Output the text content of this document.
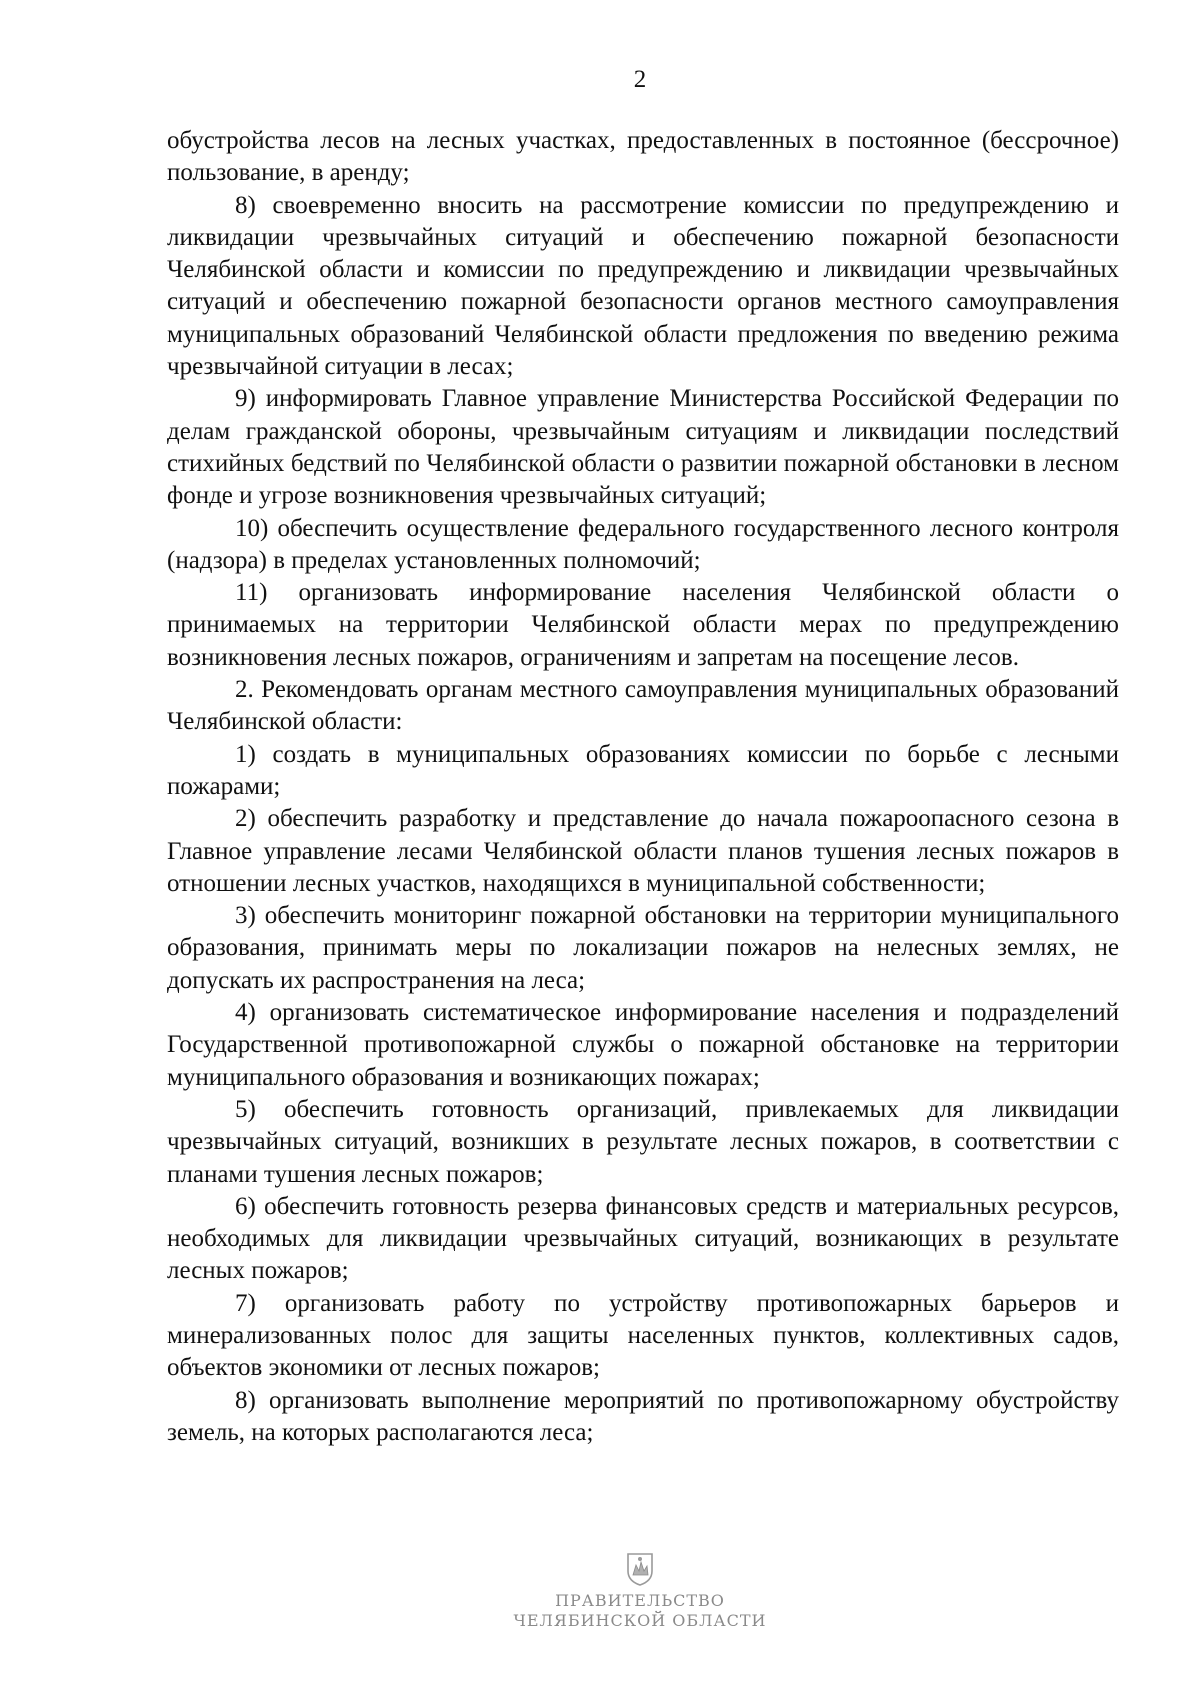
2

обустройства лесов на лесных участках, предоставленных в постоянное (бессрочное) пользование, в аренду;

8) своевременно вносить на рассмотрение комиссии по предупреждению и ликвидации чрезвычайных ситуаций и обеспечению пожарной безопасности Челябинской области и комиссии по предупреждению и ликвидации чрезвычайных ситуаций и обеспечению пожарной безопасности органов местного самоуправления муниципальных образований Челябинской области предложения по введению режима чрезвычайной ситуации в лесах;

9) информировать Главное управление Министерства Российской Федерации по делам гражданской обороны, чрезвычайным ситуациям и ликвидации последствий стихийных бедствий по Челябинской области о развитии пожарной обстановки в лесном фонде и угрозе возникновения чрезвычайных ситуаций;

10) обеспечить осуществление федерального государственного лесного контроля (надзора) в пределах установленных полномочий;

11) организовать информирование населения Челябинской области о принимаемых на территории Челябинской области мерах по предупреждению возникновения лесных пожаров, ограничениям и запретам на посещение лесов.

2. Рекомендовать органам местного самоуправления муниципальных образований Челябинской области:

1) создать в муниципальных образованиях комиссии по борьбе с лесными пожарами;

2) обеспечить разработку и представление до начала пожароопасного сезона в Главное управление лесами Челябинской области планов тушения лесных пожаров в отношении лесных участков, находящихся в муниципальной собственности;

3) обеспечить мониторинг пожарной обстановки на территории муниципального образования, принимать меры по локализации пожаров на нелесных землях, не допускать их распространения на леса;

4) организовать систематическое информирование населения и подразделений Государственной противопожарной службы о пожарной обстановке на территории муниципального образования и возникающих пожарах;

5) обеспечить готовность организаций, привлекаемых для ликвидации чрезвычайных ситуаций, возникших в результате лесных пожаров, в соответствии с планами тушения лесных пожаров;

6) обеспечить готовность резерва финансовых средств и материальных ресурсов, необходимых для ликвидации чрезвычайных ситуаций, возникающих в результате лесных пожаров;

7) организовать работу по устройству противопожарных барьеров и минерализованных полос для защиты населенных пунктов, коллективных садов, объектов экономики от лесных пожаров;

8) организовать выполнение мероприятий по противопожарному обустройству земель, на которых располагаются леса;

ПРАВИТЕЛЬСТВО
ЧЕЛЯБИНСКОЙ ОБЛАСТИ
